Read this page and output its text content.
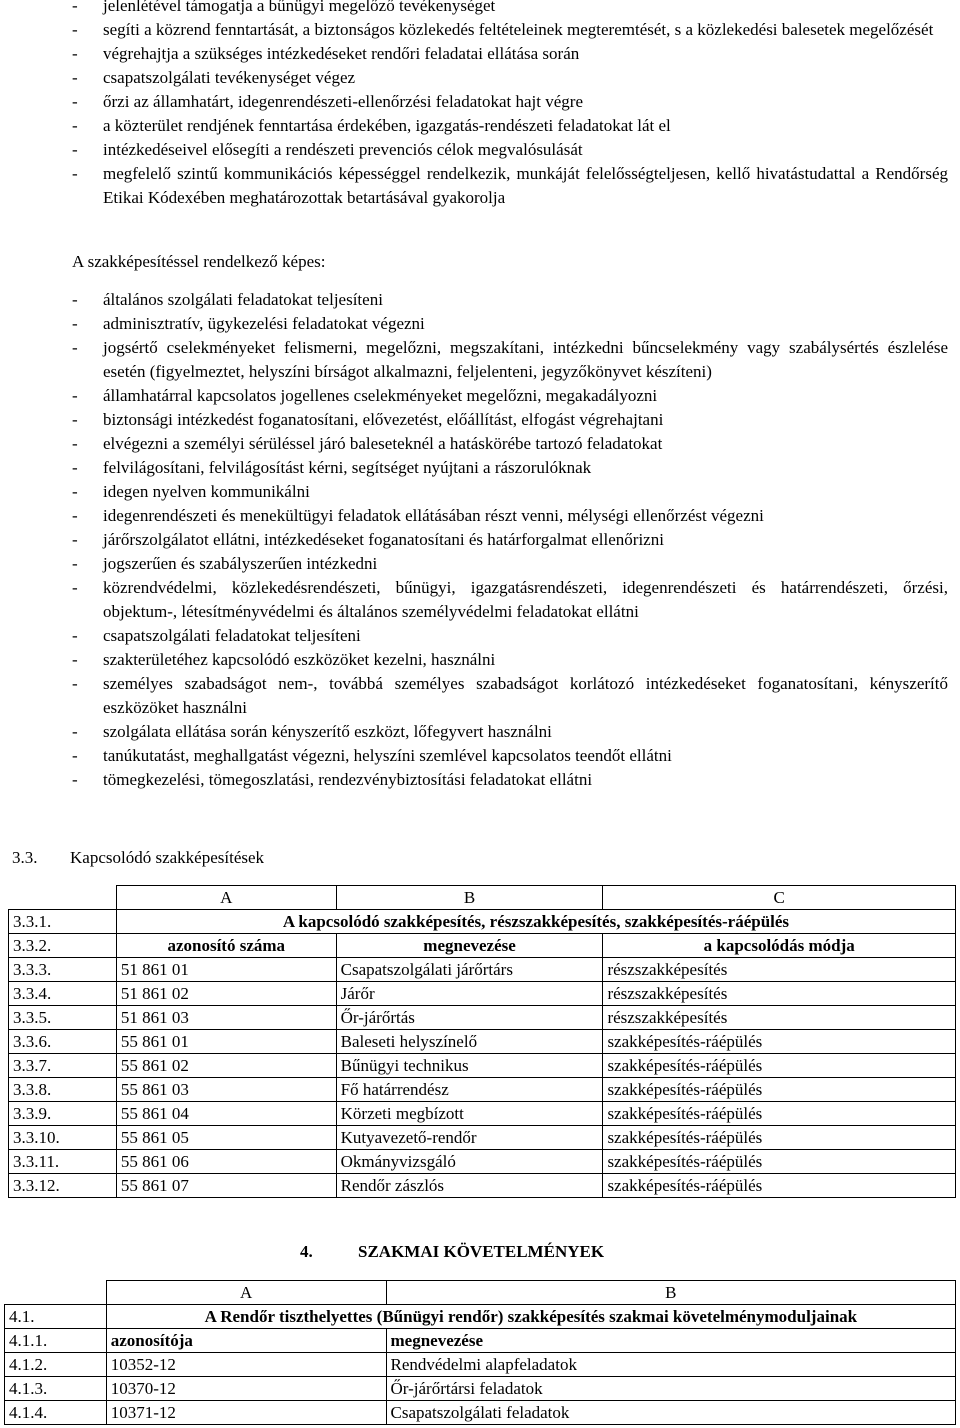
- jelenlétével támogatja a bűnügyi megelőző tevékenységet
- segíti a közrend fenntartását, a biztonságos közlekedés feltételeinek megteremtését, s a közlekedési balesetek megelőzését
- végrehajtja a szükséges intézkedéseket rendőri feladatai ellátása során
- csapatszolgálati tevékenységet végez
- őrzi az államhatárt, idegenrendészeti-ellenőrzési feladatokat hajt végre
- a közterület rendjének fenntartása érdekében, igazgatás-rendészeti feladatokat lát el
- intézkedéseivel elősegíti a rendészeti prevenciós célok megvalósulását
- megfelelő szintű kommunikációs képességgel rendelkezik, munkáját felelősségteljesen, kellő hivatástudattal a Rendőrség Etikai Kódexében meghatározottak betartásával gyakorolja
A szakképesítéssel rendelkező képes:
- általános szolgálati feladatokat teljesíteni
- adminisztratív, ügykezelési feladatokat végezni
- jogsértő cselekményeket felismerni, megelőzni, megszakítani, intézkedni bűncselekmény vagy szabálysértés észlelése esetén (figyelmeztet, helyszíni bírságot alkalmazni, feljelenteni, jegyzőkönyvet készíteni)
- államhatárral kapcsolatos jogellenes cselekményeket megelőzni, megakadályozni
- biztonsági intézkedést foganatosítani, elővezetést, előállítást, elfogást végrehajtani
- elvégezni a személyi sérüléssel járó baleseteknél a hatáskörébe tartozó feladatokat
- felvilágosítani, felvilágosítást kérni, segítséget nyújtani a rászorulóknak
- idegen nyelven kommunikálni
- idegenrendészeti és menekültügyi feladatok ellátásában részt venni, mélységi ellenőrzést végezni
- járőrszolgálatot ellátni, intézkedéseket foganatosítani és határforgalmat ellenőrizni
- jogszerűen és szabályszerűen intézkedni
- közrendvédelmi, közlekedésrendészeti, bűnügyi, igazgatásrendészeti, idegenrendészeti és határrendészeti, őrzési, objektum-, létesítményvédelmi és általános személyvédelmi feladatokat ellátni
- csapatszolgálati feladatokat teljesíteni
- szakterületéhez kapcsolódó eszközöket kezelni, használni
- személyes szabadságot nem-, továbbá személyes szabadságot korlátozó intézkedéseket foganatosítani, kényszerítő eszközöket használni
- szolgálata ellátása során kényszerítő eszközt, lőfegyvert használni
- tanúkutatást, meghallgatást végezni, helyszíni szemlével kapcsolatos teendőt ellátni
- tömegkezelési, tömegoszlatási, rendezvénybiztosítási feladatokat ellátni
3.3. Kapcsolódó szakképesítések
	A	B	C
3.3.1.	A kapcsolódó szakképesítés, részszakképesítés, szakképesítés-ráépülés		
3.3.2.	azonosító száma	megnevezése	a kapcsolódás módja
3.3.3.	51 861 01	Csapatszolgálati járőrtárs	részszakképesítés
3.3.4.	51 861 02	Járőr	részszakképesítés
3.3.5.	51 861 03	Őr-járőrtás	részszakképesítés
3.3.6.	55 861 01	Baleseti helyszínelő	szakképesítés-ráépülés
3.3.7.	55 861 02	Bűnügyi technikus	szakképesítés-ráépülés
3.3.8.	55 861 03	Fő határrendész	szakképesítés-ráépülés
3.3.9.	55 861 04	Körzeti megbízott	szakképesítés-ráépülés
3.3.10.	55 861 05	Kutyavezető-rendőr	szakképesítés-ráépülés
3.3.11.	55 861 06	Okmányvizsgáló	szakképesítés-ráépülés
3.3.12.	55 861 07	Rendőr zászlós	szakképesítés-ráépülés
4.	SZAKMAI KÖVETELMÉNYEK
	A	B
4.1.	A Rendőr tiszthelyettes (Bűnügyi rendőr) szakképesítés szakmai követelménymoduljainak	
4.1.1.	azonosítója	megnevezése
4.1.2.	10352-12	Rendvédelmi alapfeladatok
4.1.3.	10370-12	Őr-járőrtársi feladatok
4.1.4.	10371-12	Csapatszolgálati feladatok
